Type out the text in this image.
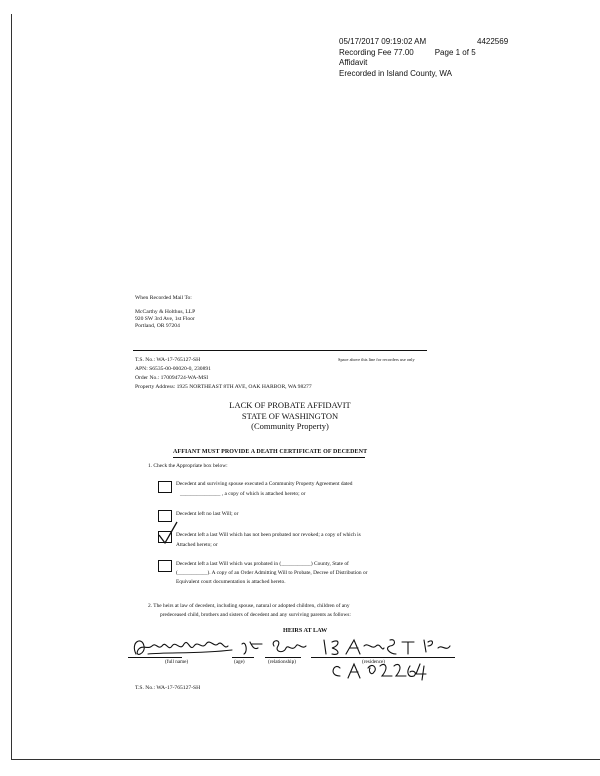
05/17/2017 09:19:02 AM	4422569
Recording Fee 77.00	Page 1 of 5
Affidavit
Erecorded in Island County, WA
When Recorded Mail To:
McCarthy & Holthus, LLP
920 SW 3rd Ave, 1st Floor
Portland, OR 97204
Space above this line for recorders use only
T.S. No.: WA-17-765127-SH
APN: S6535-00-00020-0, 230891
Order No.: 170094724-WA-MSI
Property Address: 1925 NORTHEAST 8TH AVE, OAK HARBOR, WA 98277
LACK OF PROBATE AFFIDAVIT
STATE OF WASHINGTON
(Community Property)
AFFIANT MUST PROVIDE A DEATH CERTIFICATE OF DECEDENT
1. Check the Appropriate box below:
Decedent and surviving spouse executed a Community Property Agreement dated
_______________ , a copy of which is attached hereto; or
Decedent left no last Will; or
Decedent left a last Will which has not been probated nor revoked; a copy of which is
Attached hereto; or
Decedent left a last Will which was probated in (___________) County, State of
(___________). A copy of an Order Admitting Will to Probate, Decree of Distribution or
Equivalent court documentation is attached hereto.
2. The heirs at law of decedent, including spouse, natural or adopted children, children of any
predeceased child, brothers and sisters of decedent and any surviving parents as follows:
HEIRS AT LAW
(full name)	(age)	(relationship)	(residence)
T.S. No.: WA-17-765127-SH
